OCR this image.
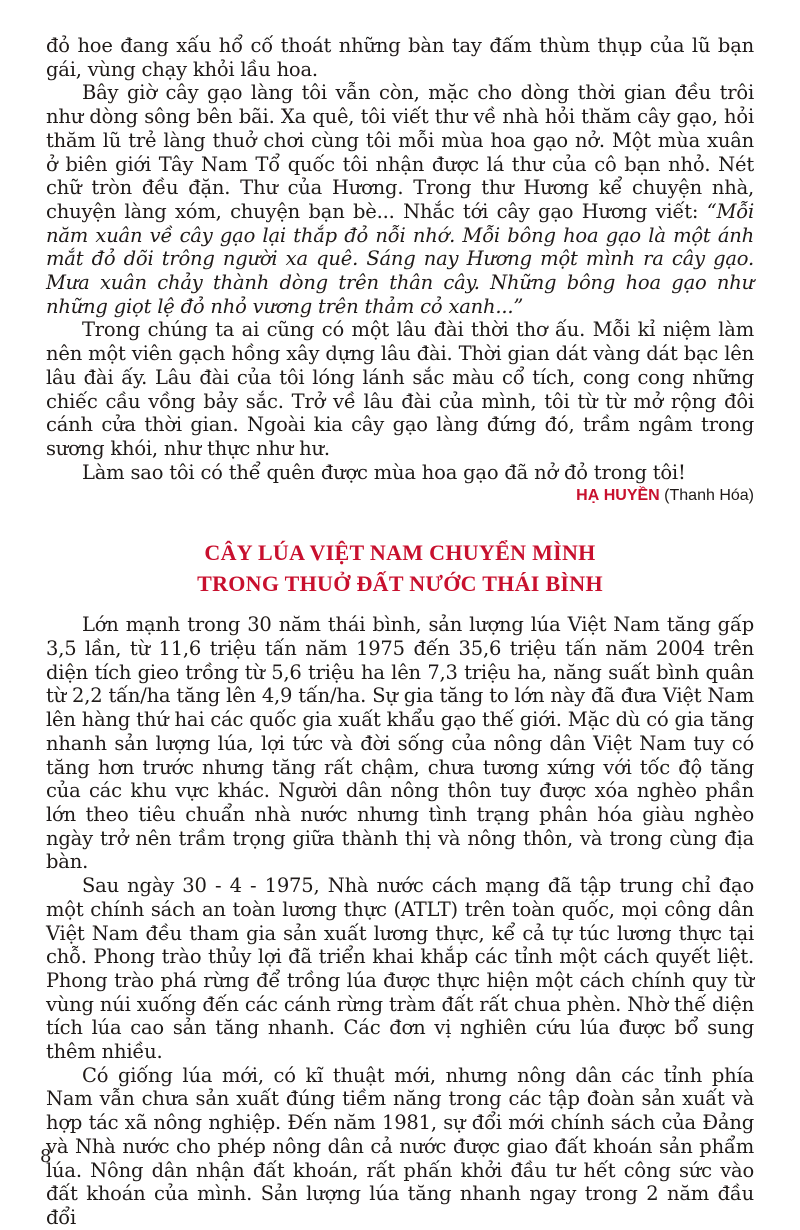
đỏ hoe đang xấu hổ cố thoát những bàn tay đấm thùm thụp của lũ bạn gái, vùng chạy khỏi lầu hoa.

Bây giờ cây gạo làng tôi vẫn còn, mặc cho dòng thời gian đều trôi như dòng sông bên bãi. Xa quê, tôi viết thư về nhà hỏi thăm cây gạo, hỏi thăm lũ trẻ làng thuở chơi cùng tôi mỗi mùa hoa gạo nở. Một mùa xuân ở biên giới Tây Nam Tổ quốc tôi nhận được lá thư của cô bạn nhỏ. Nét chữ tròn đều đặn. Thư của Hương. Trong thư Hương kể chuyện nhà, chuyện làng xóm, chuyện bạn bè... Nhắc tới cây gạo Hương viết: “Mỗi năm xuân về cây gạo lại thắp đỏ nỗi nhớ. Mỗi bông hoa gạo là một ánh mắt đỏ dõi trông người xa quê. Sáng nay Hương một mình ra cây gạo. Mưa xuân chảy thành dòng trên thân cây. Những bông hoa gạo như những giọt lệ đỏ nhỏ vương trên thảm cỏ xanh...”

Trong chúng ta ai cũng có một lâu đài thời thơ ấu. Mỗi kỉ niệm làm nên một viên gạch hồng xây dựng lâu đài. Thời gian dát vàng dát bạc lên lâu đài ấy. Lâu đài của tôi lóng lánh sắc màu cổ tích, cong cong những chiếc cầu vồng bảy sắc. Trở về lâu đài của mình, tôi từ từ mở rộng đôi cánh cửa thời gian. Ngoài kia cây gạo làng đứng đó, trầm ngâm trong sương khói, như thực như hư.

Làm sao tôi có thể quên được mùa hoa gạo đã nở đỏ trong tôi!

HẠ HUYỀN (Thanh Hóa)
CÂY LÚA VIỆT NAM CHUYỂN MÌNH
TRONG THUỞ ĐẤT NƯỚC THÁI BÌNH

Lớn mạnh trong 30 năm thái bình, sản lượng lúa Việt Nam tăng gấp 3,5 lần, từ 11,6 triệu tấn năm 1975 đến 35,6 triệu tấn năm 2004 trên diện tích gieo trồng từ 5,6 triệu ha lên 7,3 triệu ha, năng suất bình quân từ 2,2 tấn/ha tăng lên 4,9 tấn/ha. Sự gia tăng to lớn này đã đưa Việt Nam lên hàng thứ hai các quốc gia xuất khẩu gạo thế giới. Mặc dù có gia tăng nhanh sản lượng lúa, lợi tức và đời sống của nông dân Việt Nam tuy có tăng hơn trước nhưng tăng rất chậm, chưa tương xứng với tốc độ tăng của các khu vực khác. Người dân nông thôn tuy được xóa nghèo phần lớn theo tiêu chuẩn nhà nước nhưng tình trạng phân hóa giàu nghèo ngày trở nên trầm trọng giữa thành thị và nông thôn, và trong cùng địa bàn.

Sau ngày 30 - 4 - 1975, Nhà nước cách mạng đã tập trung chỉ đạo một chính sách an toàn lương thực (ATLT) trên toàn quốc, mọi công dân Việt Nam đều tham gia sản xuất lương thực, kể cả tự túc lương thực tại chỗ. Phong trào thủy lợi đã triển khai khắp các tỉnh một cách quyết liệt. Phong trào phá rừng để trồng lúa được thực hiện một cách chính quy từ vùng núi xuống đến các cánh rừng tràm đất rất chua phèn. Nhờ thế diện tích lúa cao sản tăng nhanh. Các đơn vị nghiên cứu lúa được bổ sung thêm nhiều.

Có giống lúa mới, có kĩ thuật mới, nhưng nông dân các tỉnh phía Nam vẫn chưa sản xuất đúng tiềm năng trong các tập đoàn sản xuất và hợp tác xã nông nghiệp. Đến năm 1981, sự đổi mới chính sách của Đảng và Nhà nước cho phép nông dân cả nước được giao đất khoán sản phẩm lúa. Nông dân nhận đất khoán, rất phấn khởi đầu tư hết công sức vào đất khoán của mình. Sản lượng lúa tăng nhanh ngay trong 2 năm đầu đổi

8
